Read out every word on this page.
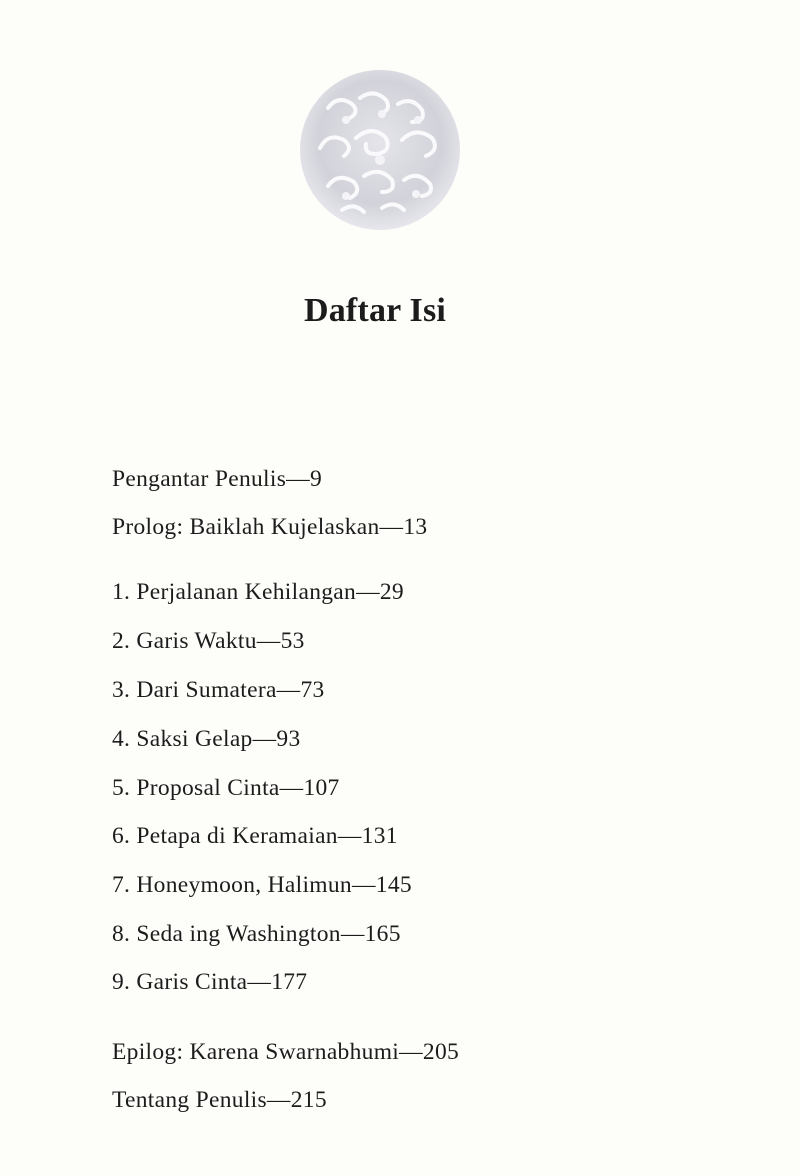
Daftar Isi
Pengantar Penulis—9
Prolog: Baiklah Kujelaskan—13
1. Perjalanan Kehilangan—29
2. Garis Waktu—53
3. Dari Sumatera—73
4. Saksi Gelap—93
5. Proposal Cinta—107
6. Petapa di Keramaian—131
7. Honeymoon, Halimun—145
8. Seda ing Washington—165
9. Garis Cinta—177
Epilog: Karena Swarnabhumi—205
Tentang Penulis—215
